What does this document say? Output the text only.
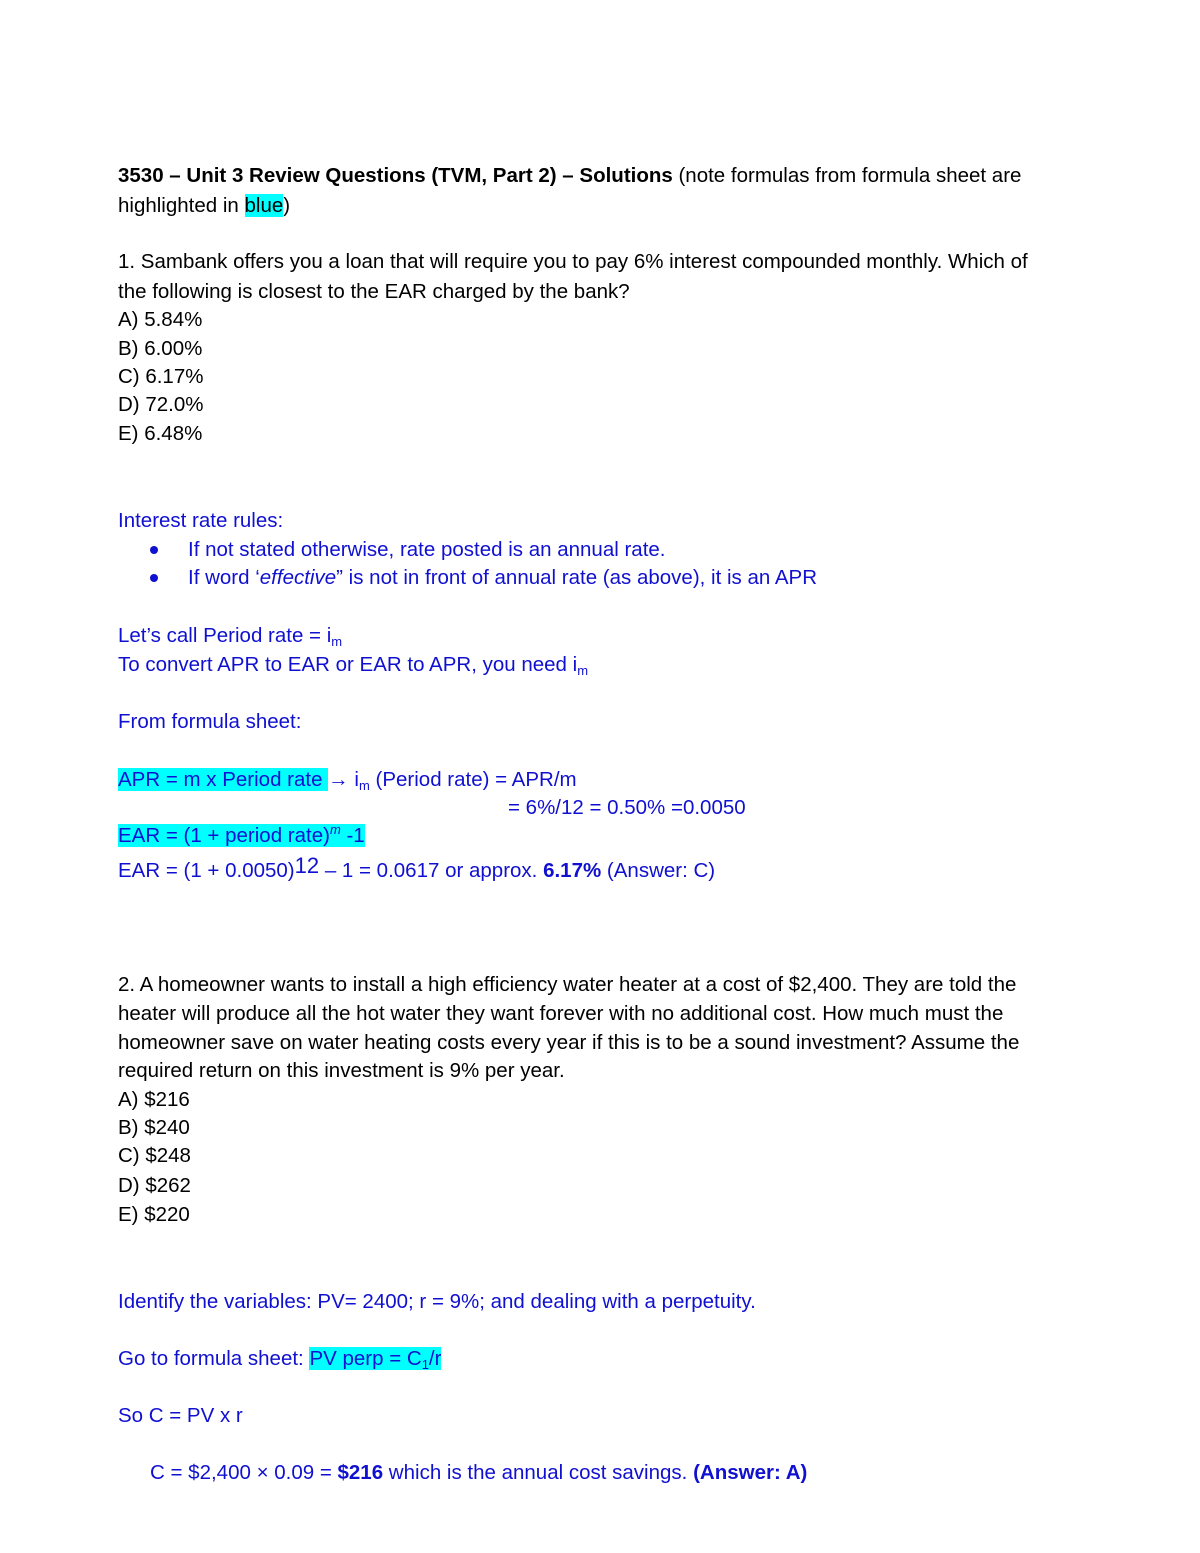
3530 – Unit 3 Review Questions (TVM, Part 2) – Solutions (note formulas from formula sheet are
highlighted in blue)
1. Sambank offers you a loan that will require you to pay 6% interest compounded monthly. Which of
the following is closest to the EAR charged by the bank?
A) 5.84%
B) 6.00%
C) 6.17%
D) 72.0%
E) 6.48%
Interest rate rules:
If not stated otherwise, rate posted is an annual rate.
If word ‘effective” is not in front of annual rate (as above), it is an APR
Let’s call Period rate = $i_m$
To convert APR to EAR or EAR to APR, you need $i_m$
From formula sheet:
APR = m x Period rate → $i_m$ (Period rate) = APR/m
= 6%/12 = 0.50% =0.0050
EAR = (1 + period rate)$^m$ -1
EAR = (1 + 0.0050)12 – 1 = 0.0617 or approx. 6.17% (Answer: C)
2. A homeowner wants to install a high efficiency water heater at a cost of $2,400. They are told the
heater will produce all the hot water they want forever with no additional cost. How much must the
homeowner save on water heating costs every year if this is to be a sound investment? Assume the
required return on this investment is 9% per year.
A) $216
B) $240
C) $248
D) $262
E) $220
Identify the variables: PV= 2400; r = 9%; and dealing with a perpetuity.
Go to formula sheet: PV perp = $C_1/r$
So C = PV x r
C = $2,400 × 0.09 = $216 which is the annual cost savings. (Answer: A)
